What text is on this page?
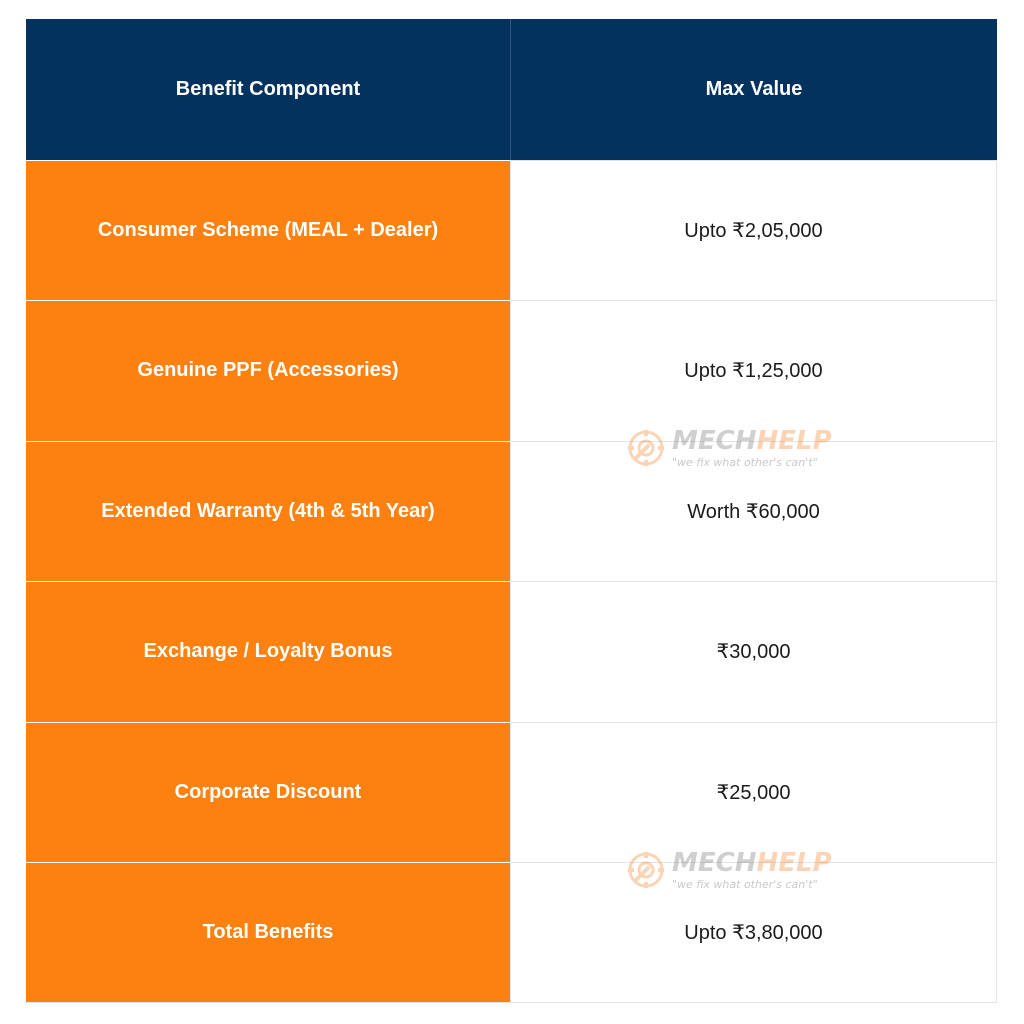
Benefit Component	Max Value
Consumer Scheme (MEAL + Dealer)	Upto ₹2,05,000
Genuine PPF (Accessories)	Upto ₹1,25,000
Extended Warranty (4th & 5th Year)	Worth ₹60,000
Exchange / Loyalty Bonus	₹30,000
Corporate Discount	₹25,000
Total Benefits	Upto ₹3,80,000
MECHHELP
"we fix what other's can't"
MECHHELP
"we fix what other's can't"
